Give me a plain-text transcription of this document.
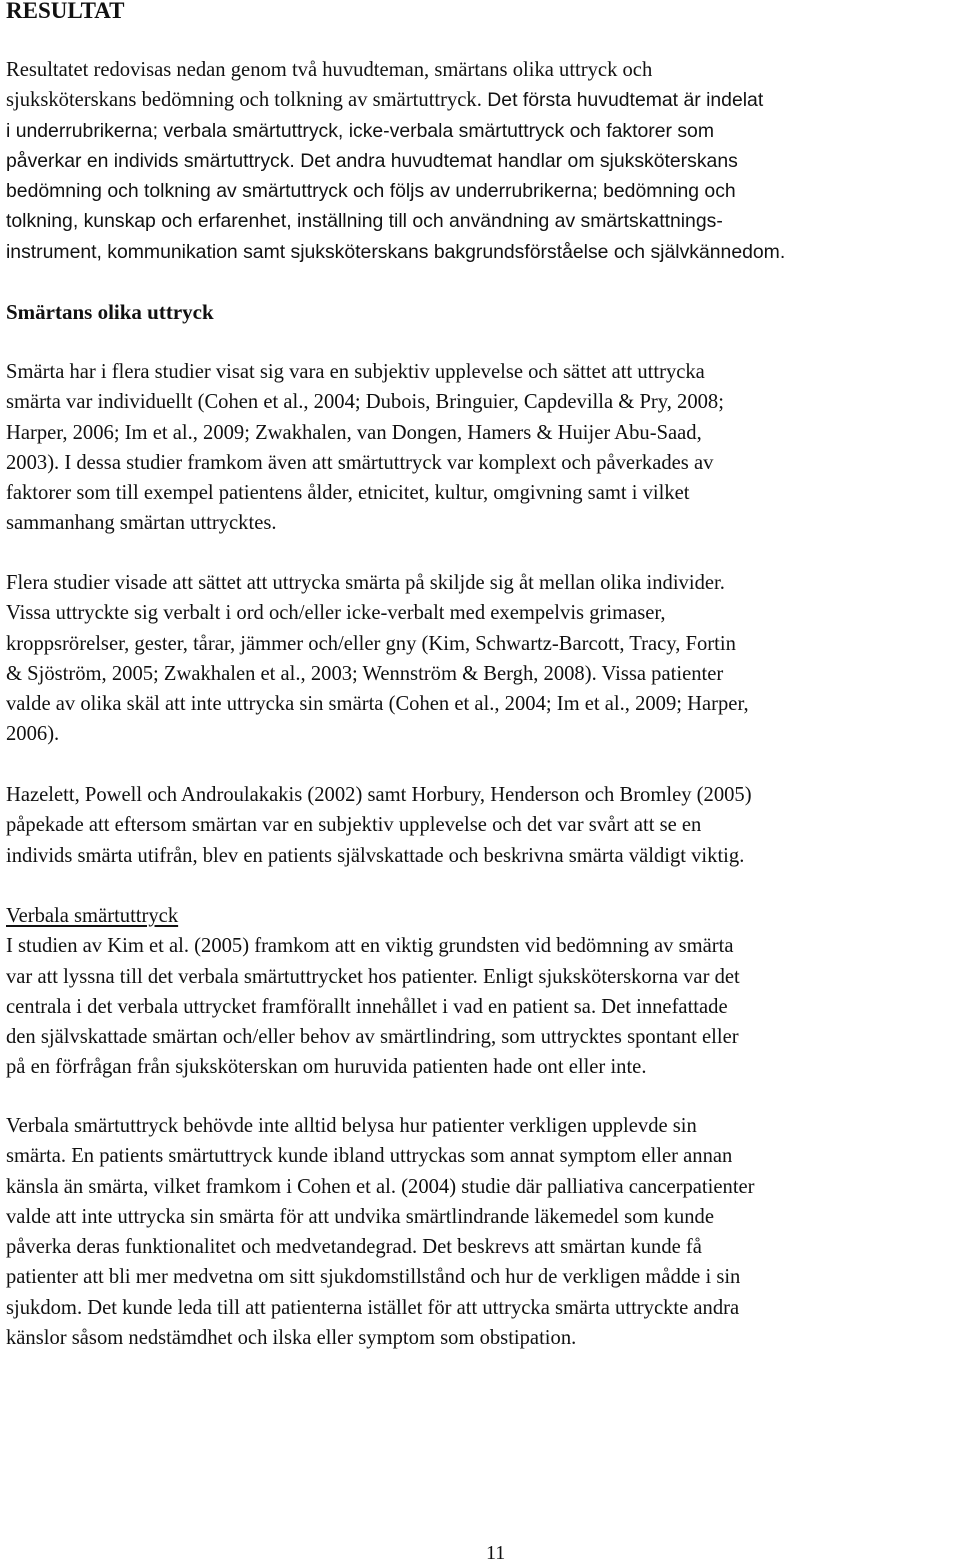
RESULTAT
Resultatet redovisas nedan genom två huvudteman, smärtans olika uttryck och
sjuksköterskans bedömning och tolkning av smärtuttryck. Det första huvudtemat är indelat
i underrubrikerna; verbala smärtuttryck, icke-verbala smärtuttryck och faktorer som
påverkar en individs smärtuttryck. Det andra huvudtemat handlar om sjuksköterskans
bedömning och tolkning av smärtuttryck och följs av underrubrikerna; bedömning och
tolkning, kunskap och erfarenhet, inställning till och användning av smärtskattnings-
instrument, kommunikation samt sjuksköterskans bakgrundsförståelse och självkännedom.
Smärtans olika uttryck
Smärta har i flera studier visat sig vara en subjektiv upplevelse och sättet att uttrycka
smärta var individuellt (Cohen et al., 2004; Dubois, Bringuier, Capdevilla & Pry, 2008;
Harper, 2006; Im et al., 2009; Zwakhalen, van Dongen, Hamers & Huijer Abu-Saad,
2003). I dessa studier framkom även att smärtuttryck var komplext och påverkades av
faktorer som till exempel patientens ålder, etnicitet, kultur, omgivning samt i vilket
sammanhang smärtan uttrycktes.
Flera studier visade att sättet att uttrycka smärta på skiljde sig åt mellan olika individer.
Vissa uttryckte sig verbalt i ord och/eller icke-verbalt med exempelvis grimaser,
kroppsrörelser, gester, tårar, jämmer och/eller gny (Kim, Schwartz-Barcott, Tracy, Fortin
& Sjöström, 2005; Zwakhalen et al., 2003; Wennström & Bergh, 2008). Vissa patienter
valde av olika skäl att inte uttrycka sin smärta (Cohen et al., 2004; Im et al., 2009; Harper,
2006).
Hazelett, Powell och Androulakakis (2002) samt Horbury, Henderson och Bromley (2005)
påpekade att eftersom smärtan var en subjektiv upplevelse och det var svårt att se en
individs smärta utifrån, blev en patients självskattade och beskrivna smärta väldigt viktig.
Verbala smärtuttryck
I studien av Kim et al. (2005) framkom att en viktig grundsten vid bedömning av smärta
var att lyssna till det verbala smärtuttrycket hos patienter. Enligt sjuksköterskorna var det
centrala i det verbala uttrycket framförallt innehållet i vad en patient sa. Det innefattade
den självskattade smärtan och/eller behov av smärtlindring, som uttrycktes spontant eller
på en förfrågan från sjuksköterskan om huruvida patienten hade ont eller inte.
Verbala smärtuttryck behövde inte alltid belysa hur patienter verkligen upplevde sin
smärta. En patients smärtuttryck kunde ibland uttryckas som annat symptom eller annan
känsla än smärta, vilket framkom i Cohen et al. (2004) studie där palliativa cancerpatienter
valde att inte uttrycka sin smärta för att undvika smärtlindrande läkemedel som kunde
påverka deras funktionalitet och medvetandegrad. Det beskrevs att smärtan kunde få
patienter att bli mer medvetna om sitt sjukdomstillstånd och hur de verkligen mådde i sin
sjukdom. Det kunde leda till att patienterna istället för att uttrycka smärta uttryckte andra
känslor såsom nedstämdhet och ilska eller symptom som obstipation.
11
